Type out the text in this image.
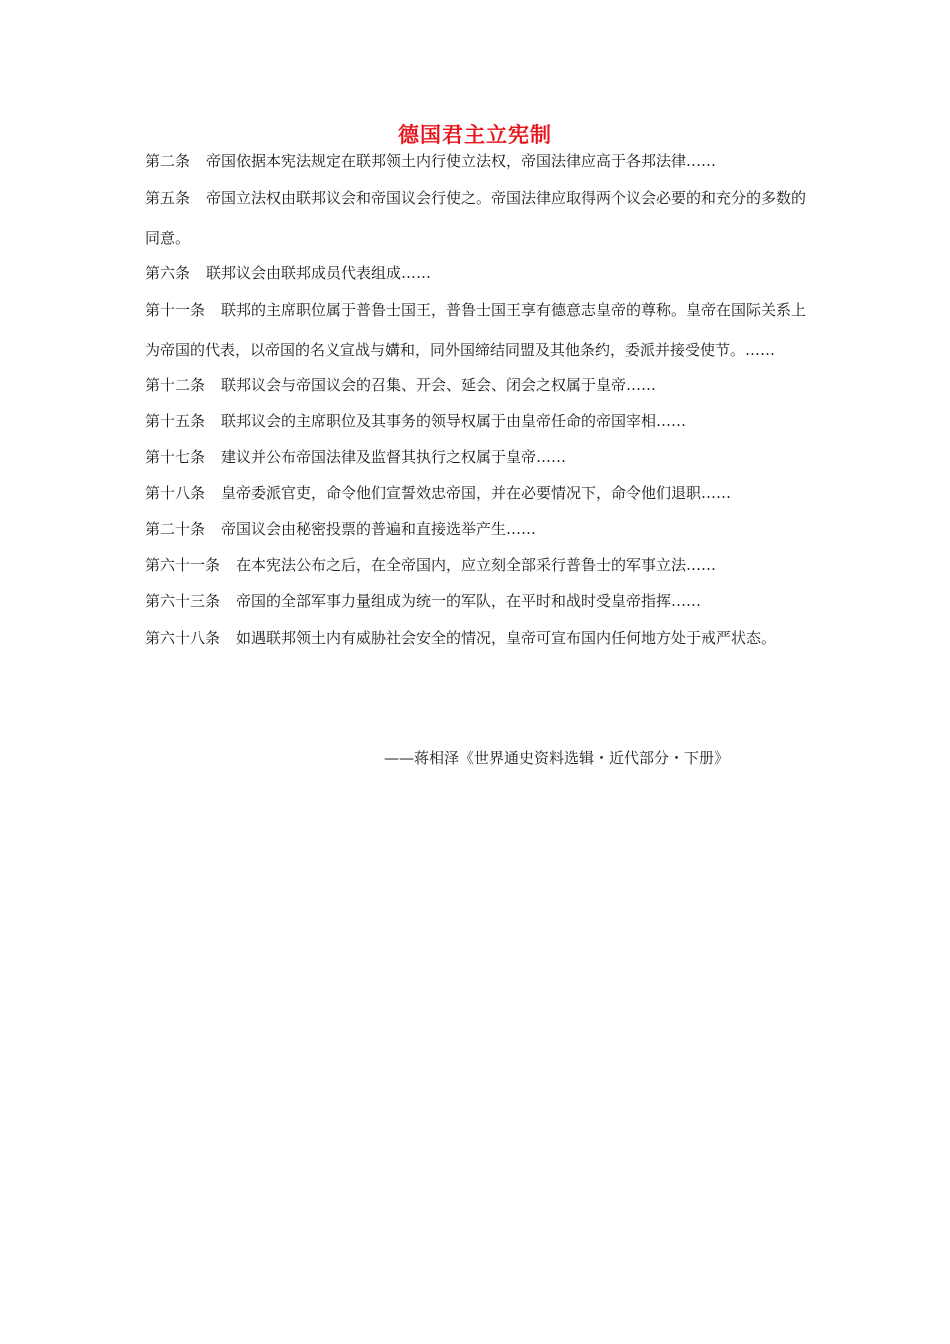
德国君主立宪制

第二条 帝国依据本宪法规定在联邦领土内行使立法权，帝国法律应高于各邦法律……

第五条 帝国立法权由联邦议会和帝国议会行使之。帝国法律应取得两个议会必要的和充分的多数的同意。

第六条 联邦议会由联邦成员代表组成……

第十一条 联邦的主席职位属于普鲁士国王，普鲁士国王享有德意志皇帝的尊称。皇帝在国际关系上为帝国的代表，以帝国的名义宣战与媾和，同外国缔结同盟及其他条约，委派并接受使节。……

第十二条 联邦议会与帝国议会的召集、开会、延会、闭会之权属于皇帝……

第十五条 联邦议会的主席职位及其事务的领导权属于由皇帝任命的帝国宰相……

第十七条 建议并公布帝国法律及监督其执行之权属于皇帝……

第十八条 皇帝委派官吏，命令他们宣誓效忠帝国，并在必要情况下，命令他们退职……

第二十条 帝国议会由秘密投票的普遍和直接选举产生……

第六十一条 在本宪法公布之后，在全帝国内，应立刻全部采行普鲁士的军事立法……

第六十三条 帝国的全部军事力量组成为统一的军队，在平时和战时受皇帝指挥……

第六十八条 如遇联邦领土内有威胁社会安全的情况，皇帝可宣布国内任何地方处于戒严状态。

——蒋相泽《世界通史资料选辑・近代部分・下册》
